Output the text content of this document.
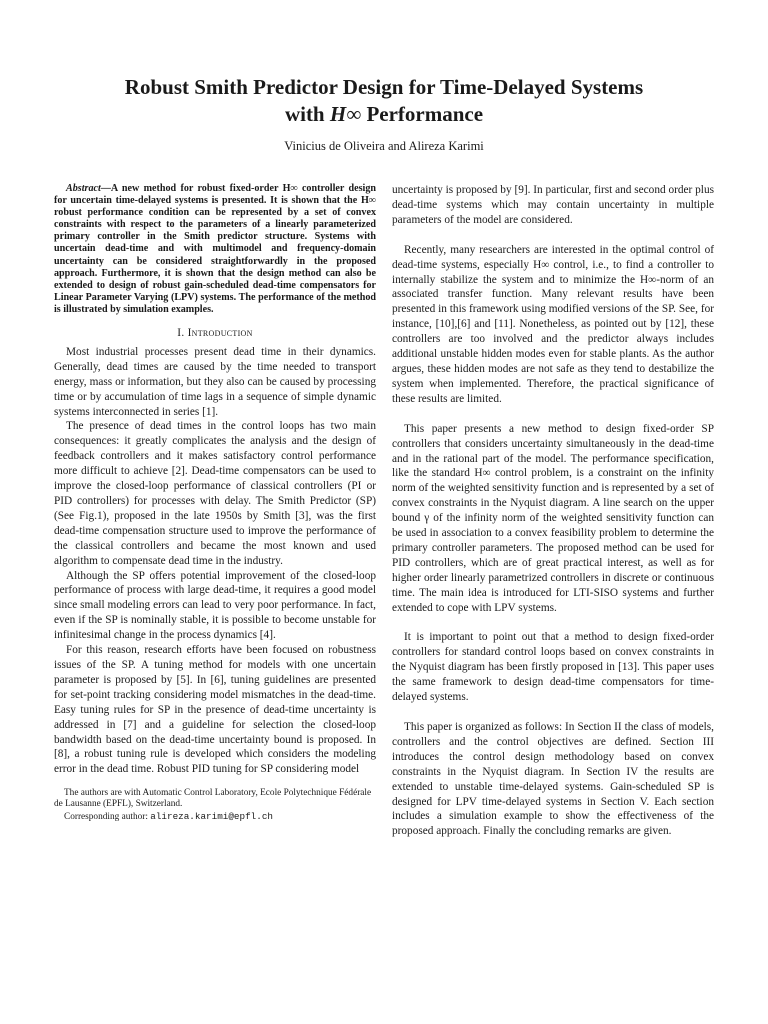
Robust Smith Predictor Design for Time-Delayed Systems
with H∞ Performance

Vinicius de Oliveira and Alireza Karimi

Abstract—A new method for robust fixed-order H∞ controller design for uncertain time-delayed systems is presented. It is shown that the H∞ robust performance condition can be represented by a set of convex constraints with respect to the parameters of a linearly parameterized primary controller in the Smith predictor structure. Systems with uncertain dead-time and with multimodel and frequency-domain uncertainty can be considered straightforwardly in the proposed approach. Furthermore, it is shown that the design method can also be extended to design of robust gain-scheduled dead-time compensators for Linear Parameter Varying (LPV) systems. The performance of the method is illustrated by simulation examples.

I. Introduction

Most industrial processes present dead time in their dynamics. Generally, dead times are caused by the time needed to transport energy, mass or information, but they also can be caused by processing time or by accumulation of time lags in a sequence of simple dynamic systems interconnected in series [1].

The presence of dead times in the control loops has two main consequences: it greatly complicates the analysis and the design of feedback controllers and it makes satisfactory control performance more difficult to achieve [2]. Dead-time compensators can be used to improve the closed-loop performance of classical controllers (PI or PID controllers) for processes with delay. The Smith Predictor (SP) (See Fig.1), proposed in the late 1950s by Smith [3], was the first dead-time compensation structure used to improve the performance of the classical controllers and became the most known and used algorithm to compensate dead time in the industry.

Although the SP offers potential improvement of the closed-loop performance of process with large dead-time, it requires a good model since small modeling errors can lead to very poor performance. In fact, even if the SP is nominally stable, it is possible to become unstable for infinitesimal change in the process dynamics [4].

For this reason, research efforts have been focused on robustness issues of the SP. A tuning method for models with one uncertain parameter is proposed by [5]. In [6], tuning guidelines are presented for set-point tracking considering model mismatches in the dead-time. Easy tuning rules for SP in the presence of dead-time uncertainty is addressed in [7] and a guideline for selection the closed-loop bandwidth based on the dead-time uncertainty bound is proposed. In [8], a robust tuning rule is developed which considers the modeling error in the dead time. Robust PID tuning for SP considering model

The authors are with Automatic Control Laboratory, Ecole Polytechnique Fédérale de Lausanne (EPFL), Switzerland.
Corresponding author: alireza.karimi@epfl.ch

uncertainty is proposed by [9]. In particular, first and second order plus dead-time systems which may contain uncertainty in multiple parameters of the model are considered.

Recently, many researchers are interested in the optimal control of dead-time systems, especially H∞ control, i.e., to find a controller to internally stabilize the system and to minimize the H∞-norm of an associated transfer function. Many relevant results have been presented in this framework using modified versions of the SP. See, for instance, [10],[6] and [11]. Nonetheless, as pointed out by [12], these controllers are too involved and the predictor always includes additional unstable hidden modes even for stable plants. As the author argues, these hidden modes are not safe as they tend to destabilize the system when implemented. Therefore, the practical significance of these results are limited.

This paper presents a new method to design fixed-order SP controllers that considers uncertainty simultaneously in the dead-time and in the rational part of the model. The performance specification, like the standard H∞ control problem, is a constraint on the infinity norm of the weighted sensitivity function and is represented by a set of convex constraints in the Nyquist diagram. A line search on the upper bound γ of the infinity norm of the weighted sensitivity function can be used in association to a convex feasibility problem to determine the primary controller parameters. The proposed method can be used for PID controllers, which are of great practical interest, as well as for higher order linearly parametrized controllers in discrete or continuous time. The main idea is introduced for LTI-SISO systems and further extended to cope with LPV systems.

It is important to point out that a method to design fixed-order controllers for standard control loops based on convex constraints in the Nyquist diagram has been firstly proposed in [13]. This paper uses the same framework to design dead-time compensators for time-delayed systems.

This paper is organized as follows: In Section II the class of models, controllers and the control objectives are defined. Section III introduces the control design methodology based on convex constraints in the Nyquist diagram. In Section IV the results are extended to unstable time-delayed systems. Gain-scheduled SP is designed for LPV time-delayed systems in Section V. Each section includes a simulation example to show the effectiveness of the proposed approach. Finally the concluding remarks are given.
